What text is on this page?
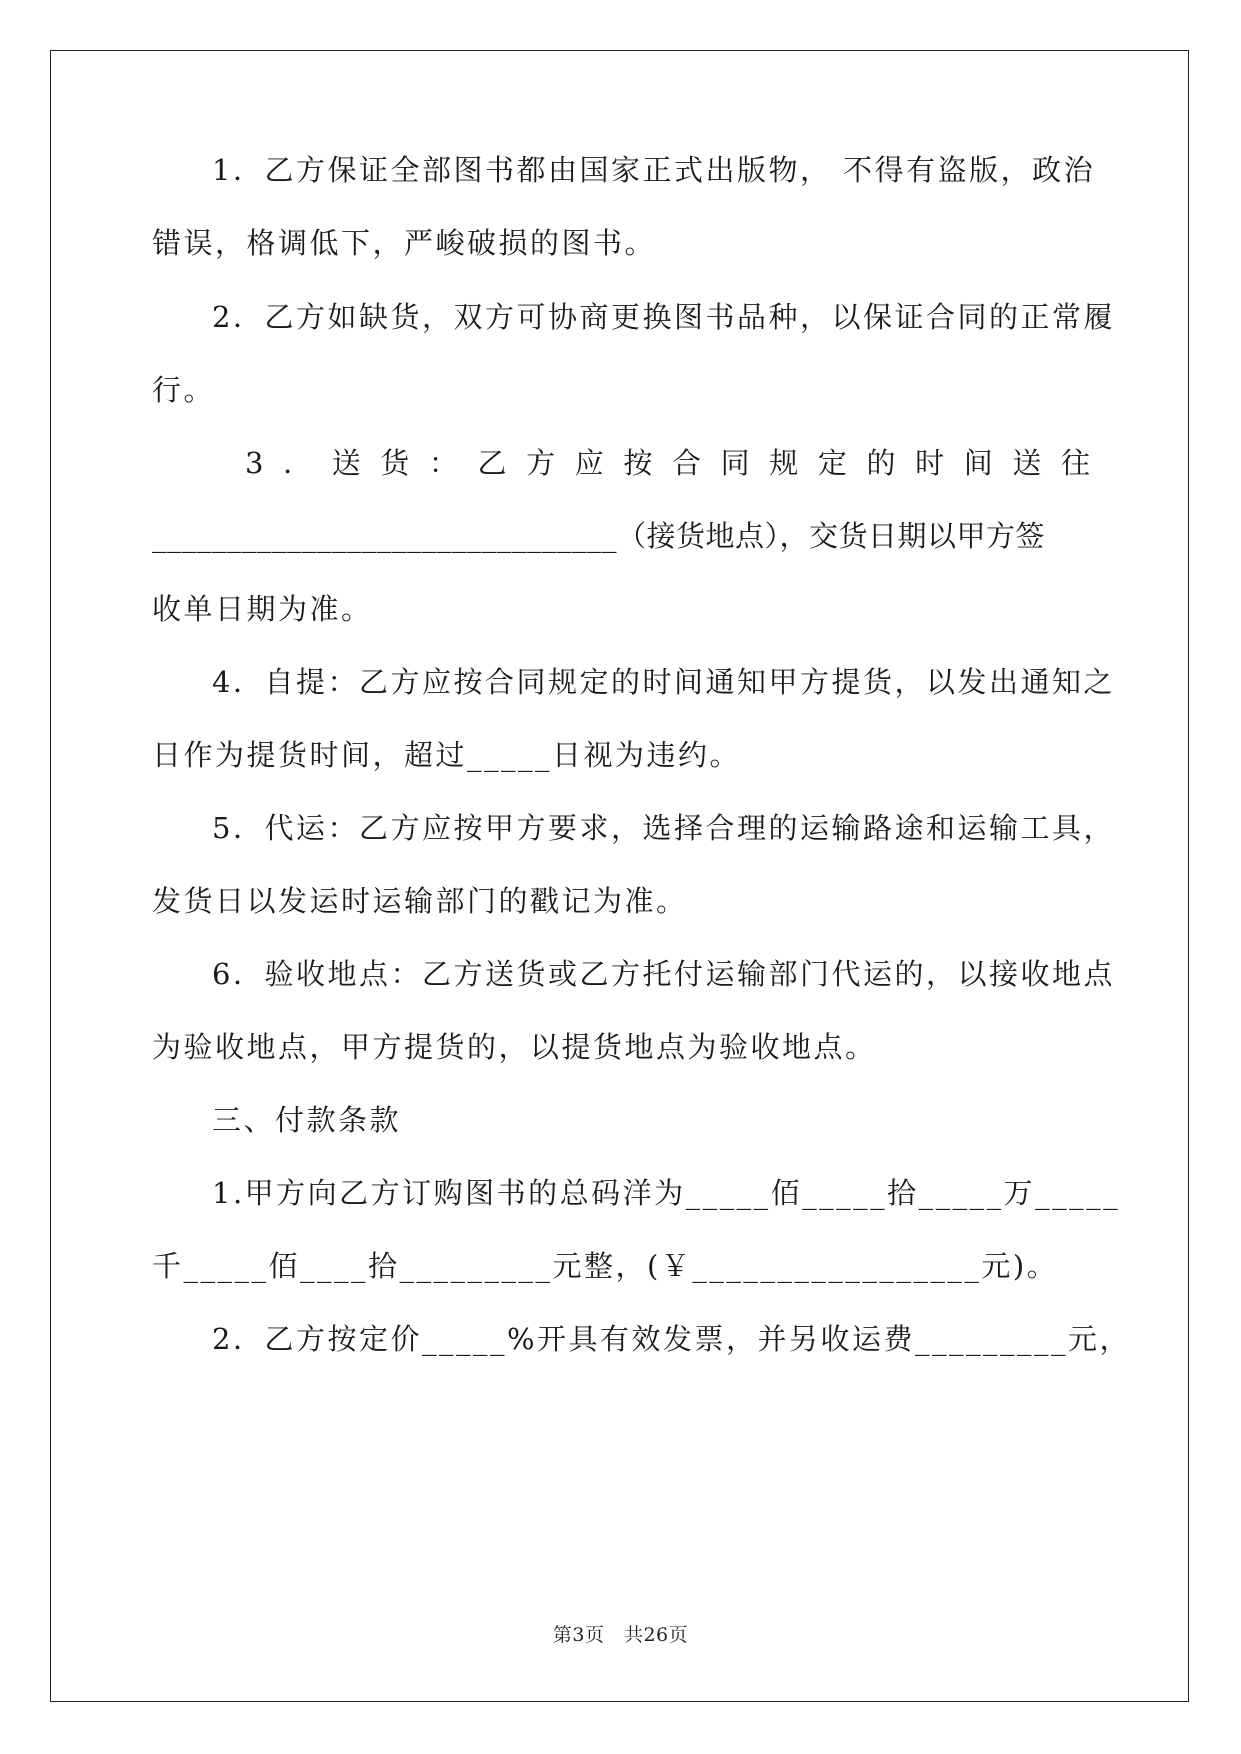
1．乙方保证全部图书都由国家正式出版物， 不得有盗版，政治
错误，格调低下，严峻破损的图书。
2．乙方如缺货，双方可协商更换图书品种，以保证合同的正常履
行。
3．送货：乙方应按合同规定的时间送往
_______________________________（接货地点），交货日期以甲方签
收单日期为准。
4．自提：乙方应按合同规定的时间通知甲方提货，以发出通知之
日作为提货时间，超过_____日视为违约。
5．代运：乙方应按甲方要求，选择合理的运输路途和运输工具，
发货日以发运时运输部门的戳记为准。
6．验收地点：乙方送货或乙方托付运输部门代运的，以接收地点
为验收地点，甲方提货的，以提货地点为验收地点。
三、付款条款
1.甲方向乙方订购图书的总码洋为_____佰_____拾_____万_____
千_____佰____拾_________元整，(￥_________________元)。
2．乙方按定价_____%开具有效发票，并另收运费_________元，
第3页　共26页
